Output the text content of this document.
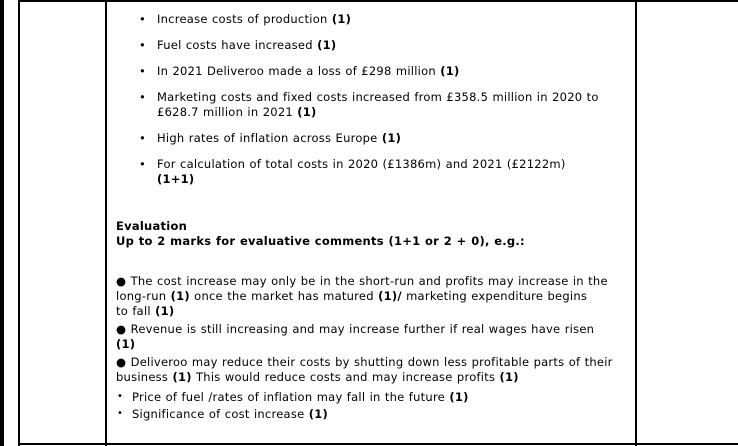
• Increase costs of production (1)
• Fuel costs have increased (1)
• In 2021 Deliveroo made a loss of £298 million (1)
• Marketing costs and fixed costs increased from £358.5 million in 2020 to
£628.7 million in 2021 (1)
• High rates of inflation across Europe (1)
• For calculation of total costs in 2020 (£1386m) and 2021 (£2122m)
(1+1)
Evaluation
Up to 2 marks for evaluative comments (1+1 or 2 + 0), e.g.:
● The cost increase may only be in the short-run and profits may increase in the
long-run (1) once the market has matured (1)/ marketing expenditure begins
to fall (1)
● Revenue is still increasing and may increase further if real wages have risen
(1)
● Deliveroo may reduce their costs by shutting down less profitable parts of their
business (1) This would reduce costs and may increase profits (1)
• Price of fuel /rates of inflation may fall in the future (1)
• Significance of cost increase (1)
